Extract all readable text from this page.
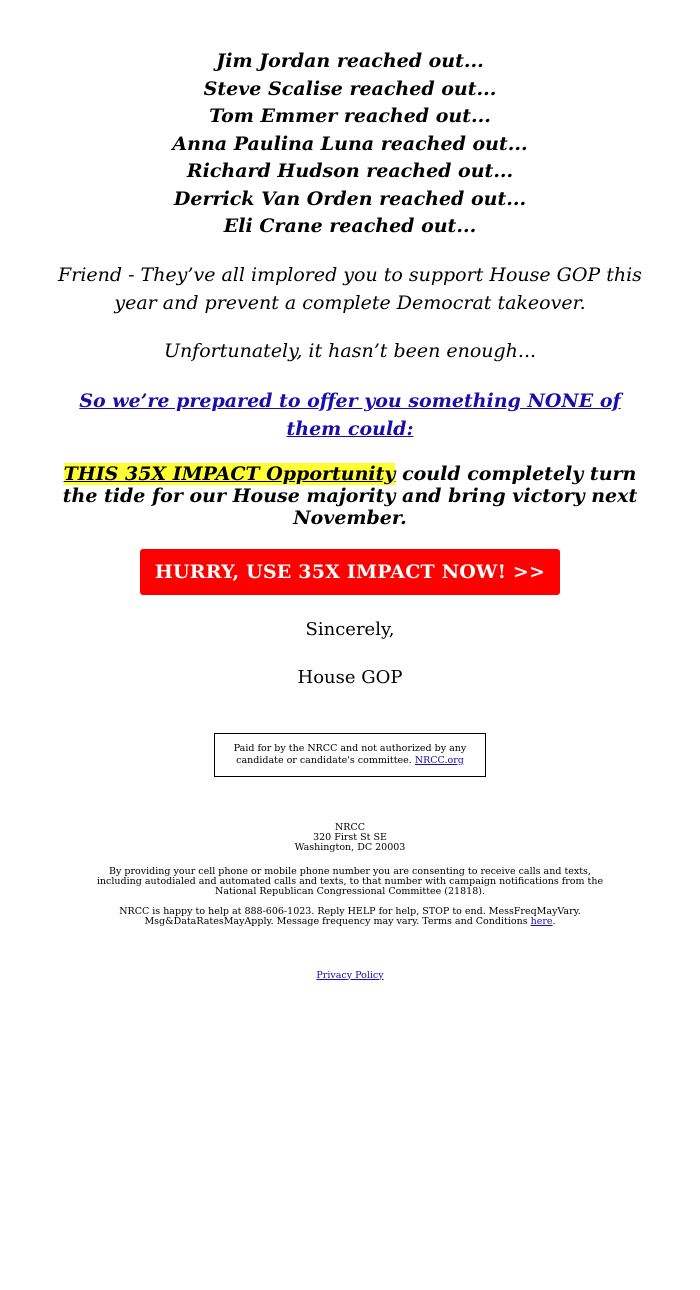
Jim Jordan reached out...
Steve Scalise reached out...
Tom Emmer reached out...
Anna Paulina Luna reached out...
Richard Hudson reached out...
Derrick Van Orden reached out...
Eli Crane reached out...
Friend - They’ve all implored you to support House GOP this year and prevent a complete Democrat takeover.
Unfortunately, it hasn’t been enough...
So we’re prepared to offer you something NONE of them could:
THIS 35X IMPACT Opportunity could completely turn the tide for our House majority and bring victory next November.
HURRY, USE 35X IMPACT NOW! >>
Sincerely,
House GOP
Paid for by the NRCC and not authorized by any candidate or candidate's committee. NRCC.org
NRCC
320 First St SE
Washington, DC 20003
By providing your cell phone or mobile phone number you are consenting to receive calls and texts, including autodialed and automated calls and texts, to that number with campaign notifications from the National Republican Congressional Committee (21818).
NRCC is happy to help at 888-606-1023. Reply HELP for help, STOP to end. MessFreqMayVary. Msg&DataRatesMayApply. Message frequency may vary. Terms and Conditions here.
Privacy Policy
